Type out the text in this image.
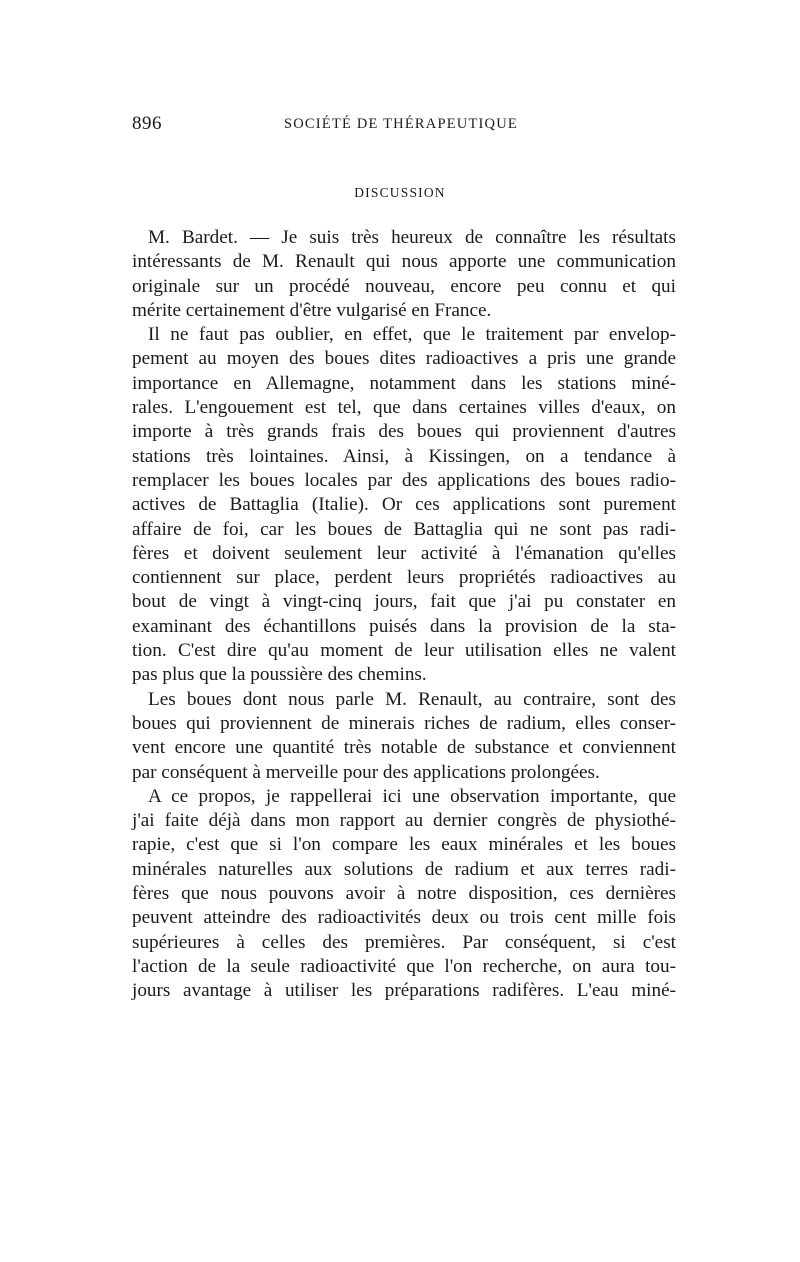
896	SOCIÉTÉ DE THÉRAPEUTIQUE
DISCUSSION
M. Bardet. — Je suis très heureux de connaître les résultats
intéressants de M. Renault qui nous apporte une communication
originale sur un procédé nouveau, encore peu connu et qui
mérite certainement d'être vulgarisé en France.
Il ne faut pas oublier, en effet, que le traitement par envelop-
pement au moyen des boues dites radioactives a pris une grande
importance en Allemagne, notamment dans les stations miné-
rales. L'engouement est tel, que dans certaines villes d'eaux, on
importe à très grands frais des boues qui proviennent d'autres
stations très lointaines. Ainsi, à Kissingen, on a tendance à
remplacer les boues locales par des applications des boues radio-
actives de Battaglia (Italie). Or ces applications sont purement
affaire de foi, car les boues de Battaglia qui ne sont pas radi-
fères et doivent seulement leur activité à l'émanation qu'elles
contiennent sur place, perdent leurs propriétés radioactives au
bout de vingt à vingt-cinq jours, fait que j'ai pu constater en
examinant des échantillons puisés dans la provision de la sta-
tion. C'est dire qu'au moment de leur utilisation elles ne valent
pas plus que la poussière des chemins.
Les boues dont nous parle M. Renault, au contraire, sont des
boues qui proviennent de minerais riches de radium, elles conser-
vent encore une quantité très notable de substance et conviennent
par conséquent à merveille pour des applications prolongées.
A ce propos, je rappellerai ici une observation importante, que
j'ai faite déjà dans mon rapport au dernier congrès de physiothé-
rapie, c'est que si l'on compare les eaux minérales et les boues
minérales naturelles aux solutions de radium et aux terres radi-
fères que nous pouvons avoir à notre disposition, ces dernières
peuvent atteindre des radioactivités deux ou trois cent mille fois
supérieures à celles des premières. Par conséquent, si c'est
l'action de la seule radioactivité que l'on recherche, on aura tou-
jours avantage à utiliser les préparations radifères. L'eau miné-
